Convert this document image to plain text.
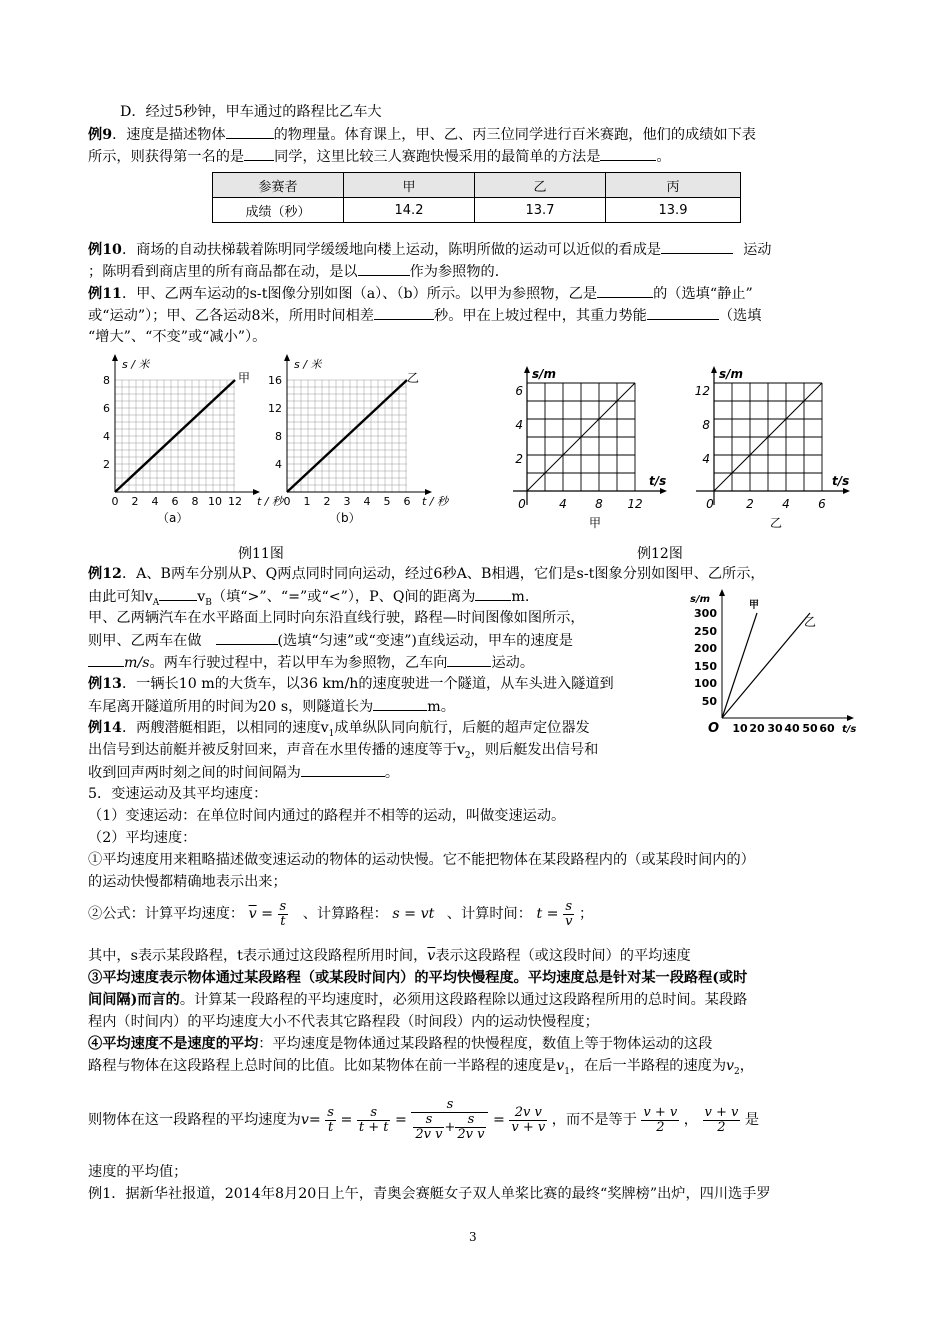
D．经过5秒钟，甲车通过的路程比乙车大
例9．速度是描述物体	的物理量。体育课上，甲、乙、丙三位同学进行百米赛跑，他们的成绩如下表
所示，则获得第一名的是 同学，这里比较三人赛跑快慢采用的最简单的方法是	。
参赛者	甲	乙	丙
成绩（秒）	14.2	13.7	13.9
例10．商场的自动扶梯载着陈明同学缓缓地向楼上运动，陈明所做的运动可以近似的看成是	运动
；陈明看到商店里的所有商品都在动，是以	作为参照物的．
例11．甲、乙两车运动的s-t图像分别如图（a）、（b）所示。以甲为参照物，乙是	的（选填“静止”
或“运动”）；甲、乙各运动8米，所用时间相差	秒。甲在上坡过程中，其重力势能	（选填
“增大”、“不变”或“减小”）。
s / 米
甲
2
4
6
8
0 2 4 6 8 10 12 t / 秒
（a）
s / 米
乙
4
8
12
16
0 1 2 3 4 5 6 t / 秒
（b）
s/m
t/s
2
4
6
0	4 8 12
甲
s/m
t/s
4
8
12
0	2 4 6
乙
例11图	例12图
例12．A、B两车分别从P、Q两点同时同向运动，经过6秒A、B相遇，它们是s-t图象分别如图甲、乙所示，
由此可知$v_A$	$v_B$（填“>”、“=”或“<”），P、Q间的距离为	m.
甲、乙两辆汽车在水平路面上同时向东沿直线行驶，路程—时间图像如图所示，
则甲、乙两车在做	(选填“匀速”或“变速”)直线运动，甲车的速度是
m/s。两车行驶过程中，若以甲车为参照物，乙车向	运动。
s/m
甲
乙
50
100
150
200
250
300
10 20 30 40 50 60 t/s
O
例13．一辆长10 m的大货车，以36 km/h的速度驶进一个隧道，从车头进入隧道到
车尾离开隧道所用的时间为20 s，则隧道长为	m。
例14．两艘潜艇相距，以相同的速度$v_1$成单纵队同向航行，后艇的超声定位器发
出信号到达前艇并被反射回来，声音在水里传播的速度等于$v_2$，则后艇发出信号和
收到回声两时刻之间的时间间隔为	。
5．变速运动及其平均速度：
（1）变速运动：在单位时间内通过的路程并不相等的运动，叫做变速运动。
（2）平均速度：
①平均速度用来粗略描述做变速运动的物体的运动快慢。它不能把物体在某段路程内的（或某段时间内的）
的运动快慢都精确地表示出来；
②公式：计算平均速度： $\overline{v} = \frac{s}{t}$ 、计算路程： s = vt 、计算时间： $t = \frac{s}{v}$ ；
其中，s表示某段路程，t表示通过这段路程所用时间，$\overline{v}$表示这段路程（或这段时间）的平均速度
③平均速度表示物体通过某段路程（或某段时间内）的平均快慢程度。平均速度总是针对某一段路程(或时
间间隔)而言的。计算某一段路程的平均速度时，必须用这段路程除以通过这段路程所用的总时间。某段路
程内（时间内）的平均速度大小不代表其它路程段（时间段）内的运动快慢程度；
④平均速度不是速度的平均：平均速度是物体通过某段路程的快慢程度，数值上等于物体运动的这段
路程与物体在这段路程上总时间的比值。比如某物体在前一半路程的速度是$v_1$，在后一半路程的速度为$v_2$，
则物体在这一段路程的平均速度为$v= \frac{s}{t} = \frac{s}{t + t} = \frac{s}{\frac{s}{\text{2v v}} + \frac{s}{\text{2v v}}} = \frac{\text{2v v}}{v + v}$ ，而不是等于 $\frac{v + v}{2}$ ， $\frac{v + v}{2}$ 是
速度的平均值；
例1．据新华社报道，2014年8月20日上午，青奥会赛艇女子双人单桨比赛的最终“奖牌榜”出炉，四川选手罗
3
